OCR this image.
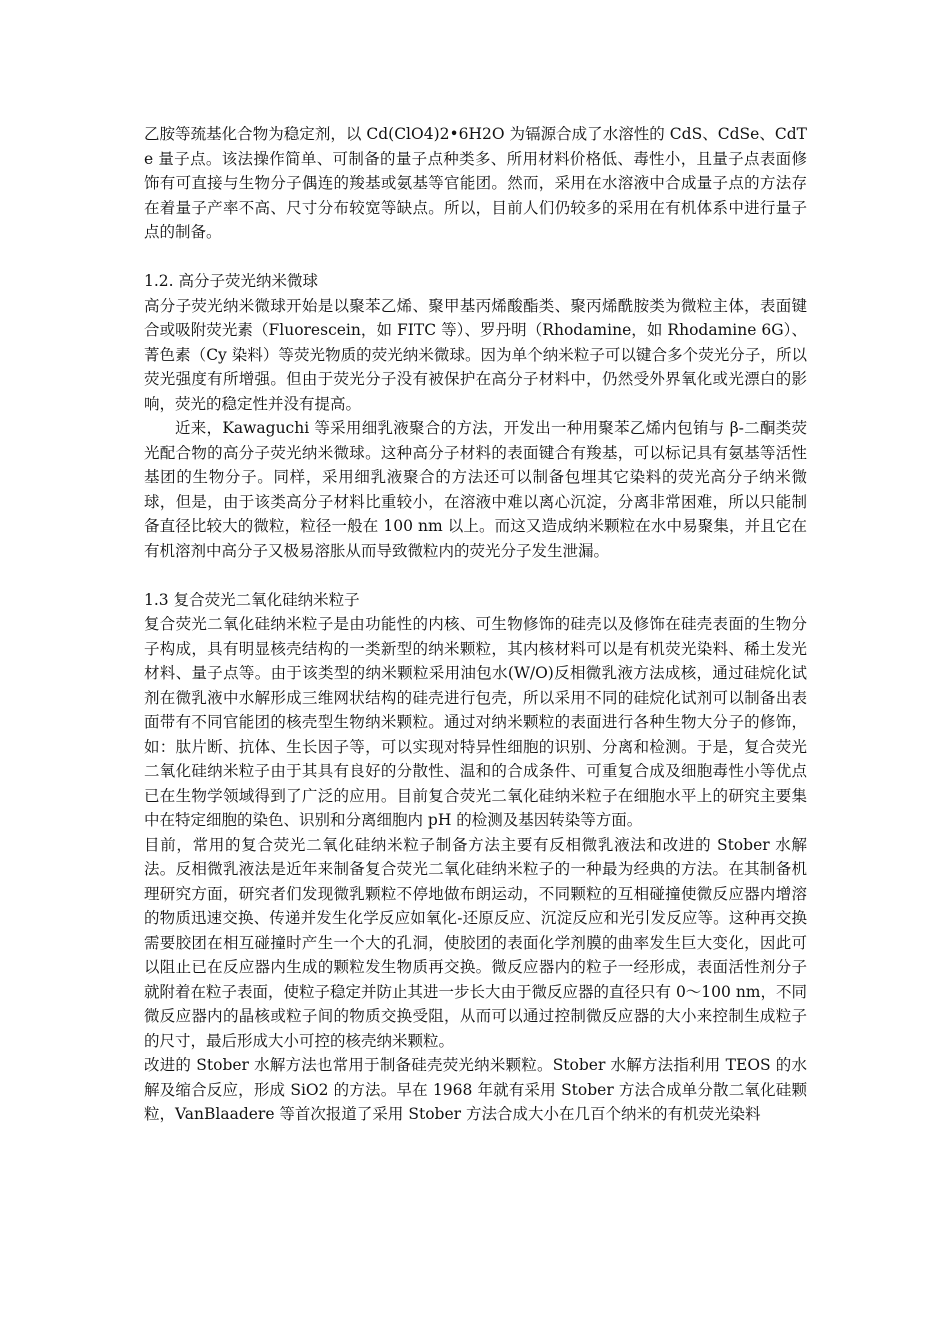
乙胺等巯基化合物为稳定剂，以 Cd(ClO4)2•6H2O 为镉源合成了水溶性的 CdS、CdSe、CdTe 量子点。该法操作简单、可制备的量子点种类多、所用材料价格低、毒性小，且量子点表面修饰有可直接与生物分子偶连的羧基或氨基等官能团。然而，采用在水溶液中合成量子点的方法存在着量子产率不高、尺寸分布较宽等缺点。所以，目前人们仍较多的采用在有机体系中进行量子点的制备。

1.2. 高分子荧光纳米微球

高分子荧光纳米微球开始是以聚苯乙烯、聚甲基丙烯酸酯类、聚丙烯酰胺类为微粒主体，表面键合或吸附荧光素（Fluorescein，如 FITC 等）、罗丹明（Rhodamine，如 Rhodamine 6G）、菁色素（Cy 染料）等荧光物质的荧光纳米微球。因为单个纳米粒子可以键合多个荧光分子，所以荧光强度有所增强。但由于荧光分子没有被保护在高分子材料中，仍然受外界氧化或光漂白的影响，荧光的稳定性并没有提高。

近来，Kawaguchi 等采用细乳液聚合的方法，开发出一种用聚苯乙烯内包铕与 β-二酮类荧光配合物的高分子荧光纳米微球。这种高分子材料的表面键合有羧基，可以标记具有氨基等活性基团的生物分子。同样，采用细乳液聚合的方法还可以制备包埋其它染料的荧光高分子纳米微球，但是，由于该类高分子材料比重较小，在溶液中难以离心沉淀，分离非常困难，所以只能制备直径比较大的微粒，粒径一般在 100 nm 以上。而这又造成纳米颗粒在水中易聚集，并且它在有机溶剂中高分子又极易溶胀从而导致微粒内的荧光分子发生泄漏。

1.3 复合荧光二氧化硅纳米粒子

复合荧光二氧化硅纳米粒子是由功能性的内核、可生物修饰的硅壳以及修饰在硅壳表面的生物分子构成，具有明显核壳结构的一类新型的纳米颗粒，其内核材料可以是有机荧光染料、稀土发光材料、量子点等。由于该类型的纳米颗粒采用油包水(W/O)反相微乳液方法成核，通过硅烷化试剂在微乳液中水解形成三维网状结构的硅壳进行包壳，所以采用不同的硅烷化试剂可以制备出表面带有不同官能团的核壳型生物纳米颗粒。通过对纳米颗粒的表面进行各种生物大分子的修饰，如：肽片断、抗体、生长因子等，可以实现对特异性细胞的识别、分离和检测。于是，复合荧光二氧化硅纳米粒子由于其具有良好的分散性、温和的合成条件、可重复合成及细胞毒性小等优点已在生物学领域得到了广泛的应用。目前复合荧光二氧化硅纳米粒子在细胞水平上的研究主要集中在特定细胞的染色、识别和分离细胞内 pH 的检测及基因转染等方面。

目前，常用的复合荧光二氧化硅纳米粒子制备方法主要有反相微乳液法和改进的 Stober 水解法。反相微乳液法是近年来制备复合荧光二氧化硅纳米粒子的一种最为经典的方法。在其制备机理研究方面，研究者们发现微乳颗粒不停地做布朗运动，不同颗粒的互相碰撞使微反应器内增溶的物质迅速交换、传递并发生化学反应如氧化-还原反应、沉淀反应和光引发反应等。这种再交换需要胶团在相互碰撞时产生一个大的孔洞，使胶团的表面化学剂膜的曲率发生巨大变化，因此可以阻止已在反应器内生成的颗粒发生物质再交换。微反应器内的粒子一经形成，表面活性剂分子就附着在粒子表面，使粒子稳定并防止其进一步长大由于微反应器的直径只有 0～100 nm，不同微反应器内的晶核或粒子间的物质交换受阻，从而可以通过控制微反应器的大小来控制生成粒子的尺寸，最后形成大小可控的核壳纳米颗粒。

改进的 Stober 水解方法也常用于制备硅壳荧光纳米颗粒。Stober 水解方法指利用 TEOS 的水解及缩合反应，形成 SiO2 的方法。早在 1968 年就有采用 Stober 方法合成单分散二氧化硅颗粒，VanBlaadere 等首次报道了采用 Stober 方法合成大小在几百个纳米的有机荧光染料
